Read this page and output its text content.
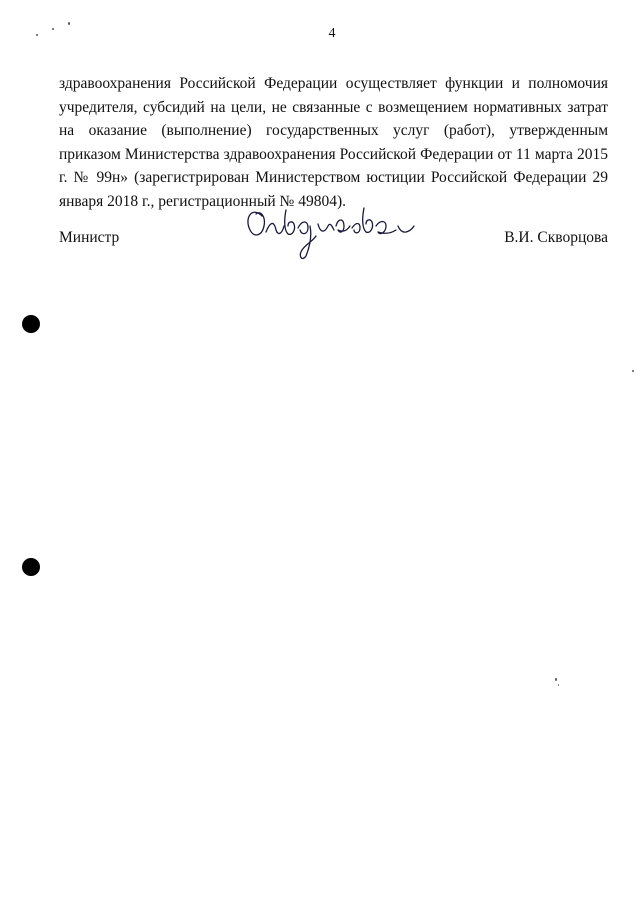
4

здравоохранения Российской Федерации осуществляет функции и полномочия учредителя, субсидий на цели, не связанные с возмещением нормативных затрат на оказание (выполнение) государственных услуг (работ), утвержденным приказом Министерства здравоохранения Российской Федерации от 11 марта 2015 г. № 99н» (зарегистрирован Министерством юстиции Российской Федерации 29 января 2018 г., регистрационный № 49804).

Министр	В.И. Скворцова
